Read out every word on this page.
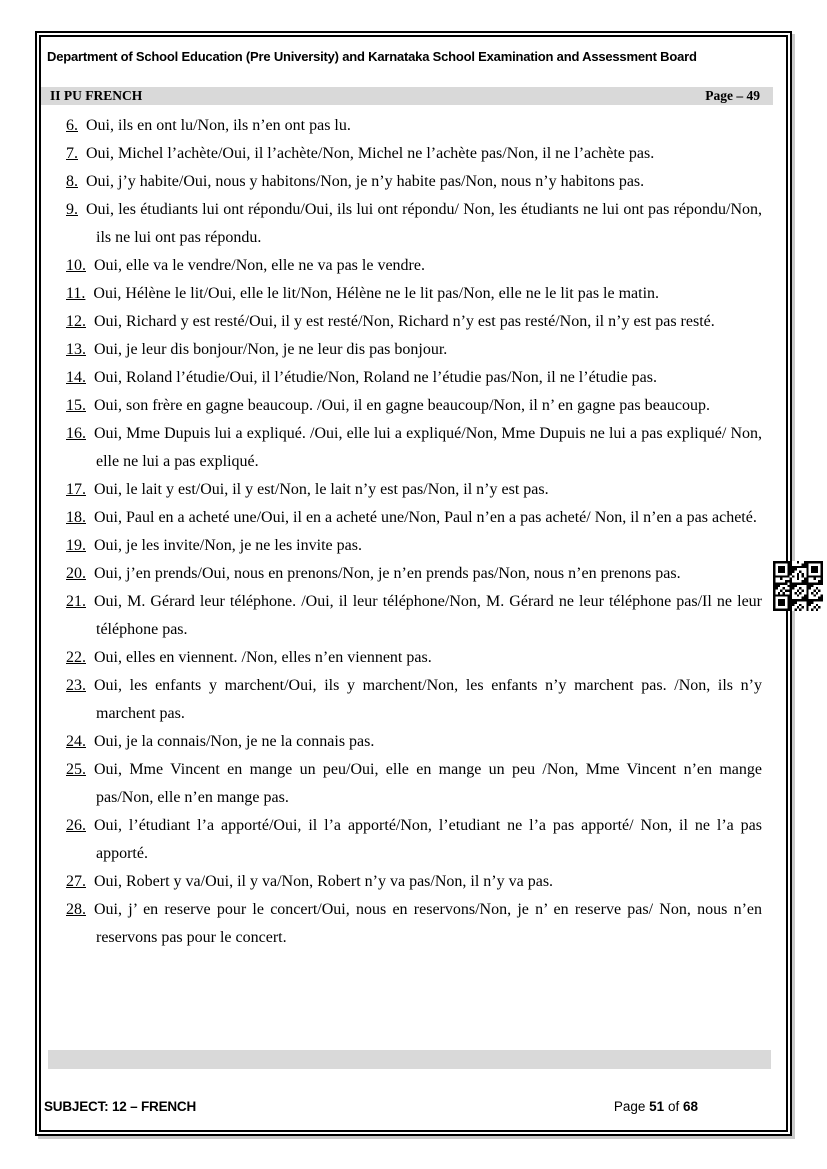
Department of School Education (Pre University) and Karnataka School Examination and Assessment Board
II PU FRENCH	Page – 49
6. Oui, ils en ont lu/Non, ils n’en ont pas lu.
7. Oui, Michel l’achète/Oui, il l’achète/Non, Michel ne l’achète pas/Non, il ne l’achète pas.
8. Oui, j’y habite/Oui, nous y habitons/Non, je n’y habite pas/Non, nous n’y habitons pas.
9. Oui, les étudiants lui ont répondu/Oui, ils lui ont répondu/ Non, les étudiants ne lui ont pas répondu/Non, ils ne lui ont pas répondu.
10. Oui, elle va le vendre/Non, elle ne va pas le vendre.
11. Oui, Hélène le lit/Oui, elle le lit/Non, Hélène ne le lit pas/Non, elle ne le lit pas le matin.
12. Oui, Richard y est resté/Oui, il y est resté/Non, Richard n’y est pas resté/Non, il n’y est pas resté.
13. Oui, je leur dis bonjour/Non, je ne leur dis pas bonjour.
14. Oui, Roland l’étudie/Oui, il l’étudie/Non, Roland ne l’étudie pas/Non, il ne l’étudie pas.
15. Oui, son frère en gagne beaucoup. /Oui, il en gagne beaucoup/Non, il n’ en gagne pas beaucoup.
16. Oui, Mme Dupuis lui a expliqué. /Oui, elle lui a expliqué/Non, Mme Dupuis ne lui a pas expliqué/ Non, elle ne lui a pas expliqué.
17. Oui, le lait y est/Oui, il y est/Non, le lait n’y est pas/Non, il n’y est pas.
18. Oui, Paul en a acheté une/Oui, il en a acheté une/Non, Paul n’en a pas acheté/ Non, il n’en a pas acheté.
19. Oui, je les invite/Non, je ne les invite pas.
20. Oui, j’en prends/Oui, nous en prenons/Non, je n’en prends pas/Non, nous n’en prenons pas.
21. Oui, M. Gérard leur téléphone. /Oui, il leur téléphone/Non, M. Gérard ne leur téléphone pas/Il ne leur téléphone pas.
22. Oui, elles en viennent. /Non, elles n’en viennent pas.
23. Oui, les enfants y marchent/Oui, ils y marchent/Non, les enfants n’y marchent pas. /Non, ils n’y marchent pas.
24. Oui, je la connais/Non, je ne la connais pas.
25. Oui, Mme Vincent en mange un peu/Oui, elle en mange un peu /Non, Mme Vincent n’en mange pas/Non, elle n’en mange pas.
26. Oui, l’étudiant l’a apporté/Oui, il l’a apporté/Non, l’etudiant ne l’a pas apporté/ Non, il ne l’a pas apporté.
27. Oui, Robert y va/Oui, il y va/Non, Robert n’y va pas/Non, il n’y va pas.
28. Oui, j’ en reserve pour le concert/Oui, nous en reservons/Non, je n’ en reserve pas/ Non, nous n’en reservons pas pour le concert.
SUBJECT: 12 – FRENCH	Page 51 of 68
